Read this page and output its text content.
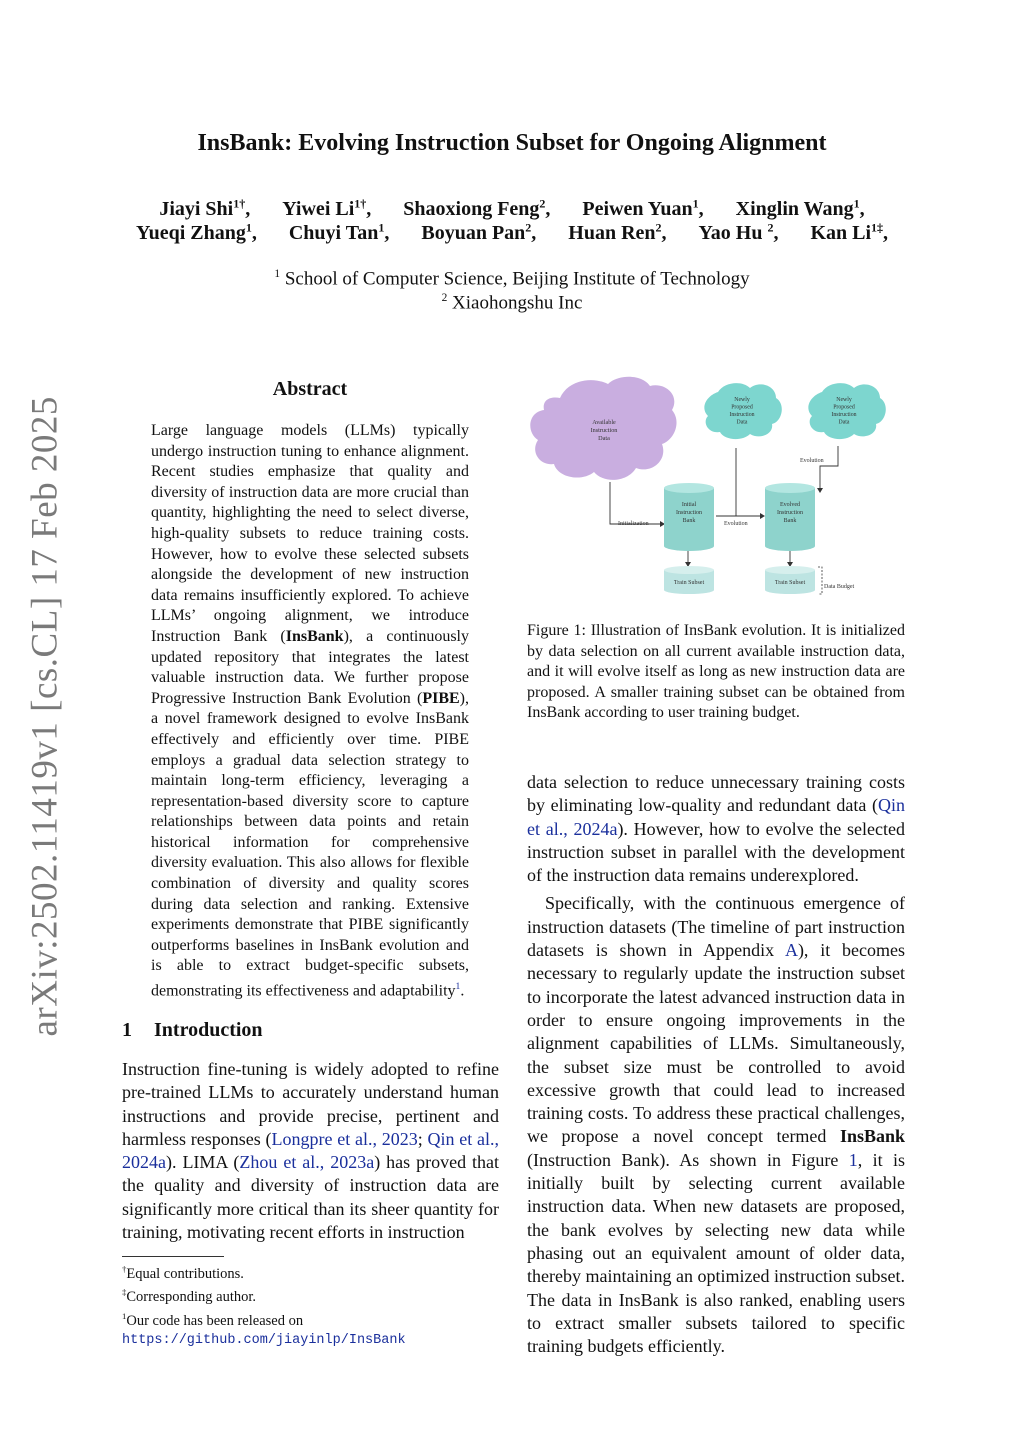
arXiv:2502.11419v1 [cs.CL] 17 Feb 2025
InsBank: Evolving Instruction Subset for Ongoing Alignment
Jiayi Shi$^{1\dagger}$, Yiwei $Li^{1\dagger}$, Shaoxiong Feng$^2$, Peiwen Yuan$^1$, Xinglin Wang$^1$,
Yueqi Zhang$^1$, Chuyi Tan$^1$, Boyuan Pan$^2$, Huan Ren$^2$, Yao Hu $^2$, Kan $Li^{1\ddagger}$,
$^1$ School of Computer Science, Beijing Institute of Technology
$^2$ Xiaohongshu Inc
Abstract
Large language models (LLMs) typically undergo instruction tuning to enhance alignment. Recent studies emphasize that quality and diversity of instruction data are more crucial than quantity, highlighting the need to select diverse, high-quality subsets to reduce training costs. However, how to evolve these selected subsets alongside the development of new instruction data remains insufficiently explored. To achieve LLMs’ ongoing alignment, we introduce Instruction Bank (InsBank), a continuously updated repository that integrates the latest valuable instruction data. We further propose Progressive Instruction Bank Evolution (PIBE), a novel framework designed to evolve InsBank effectively and efficiently over time. PIBE employs a gradual data selection strategy to maintain long-term efficiency, leveraging a representation-based diversity score to capture relationships between data points and retain historical information for comprehensive diversity evaluation. This also allows for flexible combination of diversity and quality scores during data selection and ranking. Extensive experiments demonstrate that PIBE significantly outperforms baselines in InsBank evolution and is able to extract budget-specific subsets, demonstrating its effectiveness and adaptability$^1$.
1 Introduction
Instruction fine-tuning is widely adopted to refine pre-trained LLMs to accurately understand human instructions and provide precise, pertinent and harmless responses (Longpre et al., 2023; Qin et al., 2024a). LIMA (Zhou et al., 2023a) has proved that the quality and diversity of instruction data are significantly more critical than its sheer quantity for training, motivating recent efforts in instruction
†Equal contributions.
‡Corresponding author.
$^1$Our code has been released on https://github.com/jiayinlp/InsBank
Available Instruction Data
Newly Proposed Instruction Data
Newly Proposed Instruction Data
Initial Instruction Bank
Evolved Instruction Bank
Train Subset	Train Subset
Data Budget
Initialization	Evolution
Evolution
Figure 1: Illustration of InsBank evolution. It is initialized by data selection on all current available instruction data, and it will evolve itself as long as new instruction data are proposed. A smaller training subset can be obtained from InsBank according to user training budget.

data selection to reduce unnecessary training costs by eliminating low-quality and redundant data (Qin et al., 2024a). However, how to evolve the selected instruction subset in parallel with the development of the instruction data remains underexplored.

Specifically, with the continuous emergence of instruction datasets (The timeline of part instruction datasets is shown in Appendix A), it becomes necessary to regularly update the instruction subset to incorporate the latest advanced instruction data in order to ensure ongoing improvements in the alignment capabilities of LLMs. Simultaneously, the subset size must be controlled to avoid excessive growth that could lead to increased training costs. To address these practical challenges, we propose a novel concept termed InsBank (Instruction Bank). As shown in Figure 1, it is initially built by selecting current available instruction data. When new datasets are proposed, the bank evolves by selecting new data while phasing out an equivalent amount of older data, thereby maintaining an optimized instruction subset. The data in InsBank is also ranked, enabling users to extract smaller subsets tailored to specific training budgets efficiently.
